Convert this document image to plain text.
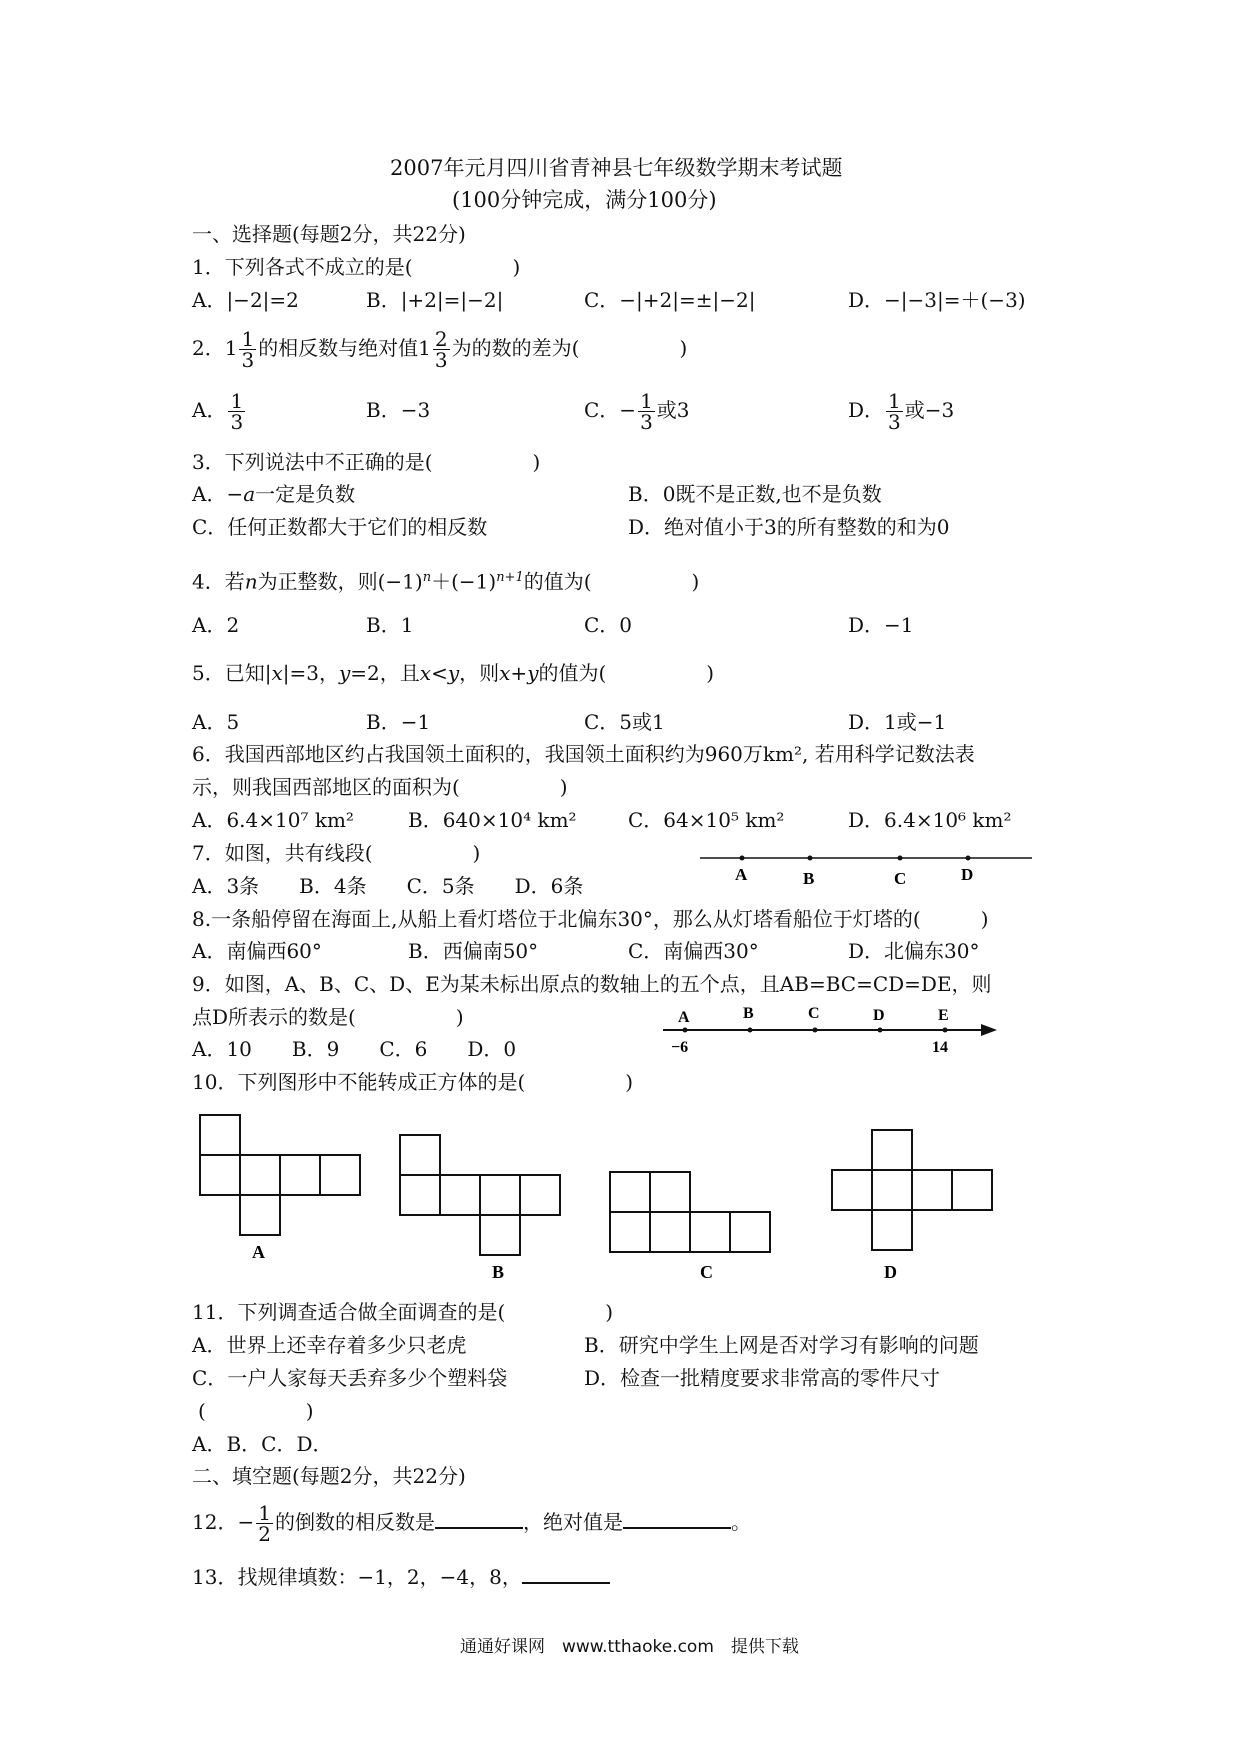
2007年元月四川省青神县七年级数学期末考试题
(100分钟完成，满分100分)
一、选择题(每题2分，共22分)
1．下列各式不成立的是(　　　　　)
A．|−2|=2	B．|+2|=|−2|	C．−|+2|=±|−2|	D．−|−3|=＋(−3)
2．$1 \frac{1}{3}$ 的相反数与绝对值$1 \frac{2}{3}$ 为的数的差为(　　　　　)
A． $\frac{1}{3}$	B．−3	C．− $\frac{1}{3}$ 或3	D． $\frac{1}{3}$ 或−3
3．下列说法中不正确的是(　　　　　)
A．−a一定是负数	B．0既不是正数,也不是负数
C．任何正数都大于它们的相反数	D．绝对值小于3的所有整数的和为0
4．若n为正整数，则$(-1)^n+(-1)^{n+1}$的值为(　　　　　)
A．2	B．1	C．0	D．−1
5．已知|x|=3，y=2，且x<y，则x+y的值为(　　　　　)
A．5	B．−1	C．5或1	D．1或−1
6．我国西部地区约占我国领土面积的，我国领土面积约为960万km², 若用科学记数法表
示，则我国西部地区的面积为(　　　　　)
A．6.4×10⁷ km²	B．640×10⁴ km²	C．64×10⁵ km²	D．6.4×10⁶ km²
7．如图，共有线段(　　　　　)
A．3条　　B．4条　　C．5条　　D．6条	A	B	C	D
8.一条船停留在海面上,从船上看灯塔位于北偏东30°，那么从灯塔看船位于灯塔的(　　　)
A．南偏西60°	B．西偏南50°	C．南偏西30°	D．北偏东30°
9．如图，A、B、C、D、E为某未标出原点的数轴上的五个点，且AB=BC=CD=DE，则
点D所表示的数是(　　　　　)
A．10　　B．9　　C．6　　D．0
A	B	C	D	E
−6	14
10．下列图形中不能转成正方体的是(　　　　　)
A
B	C	D
11．下列调查适合做全面调查的是(　　　　　)
A．世界上还幸存着多少只老虎	B．研究中学生上网是否对学习有影响的问题
C．一户人家每天丢弃多少个塑料袋	D．检查一批精度要求非常高的零件尺寸
(　　　　　)
A．B．C．D．
二、填空题(每题2分，共22分)
12．− $\frac{1}{2}$ 的倒数的相反数是	，绝对值是	。
13．找规律填数：−1，2，−4，8，
通通好课网　www.tthaoke.com　提供下载
